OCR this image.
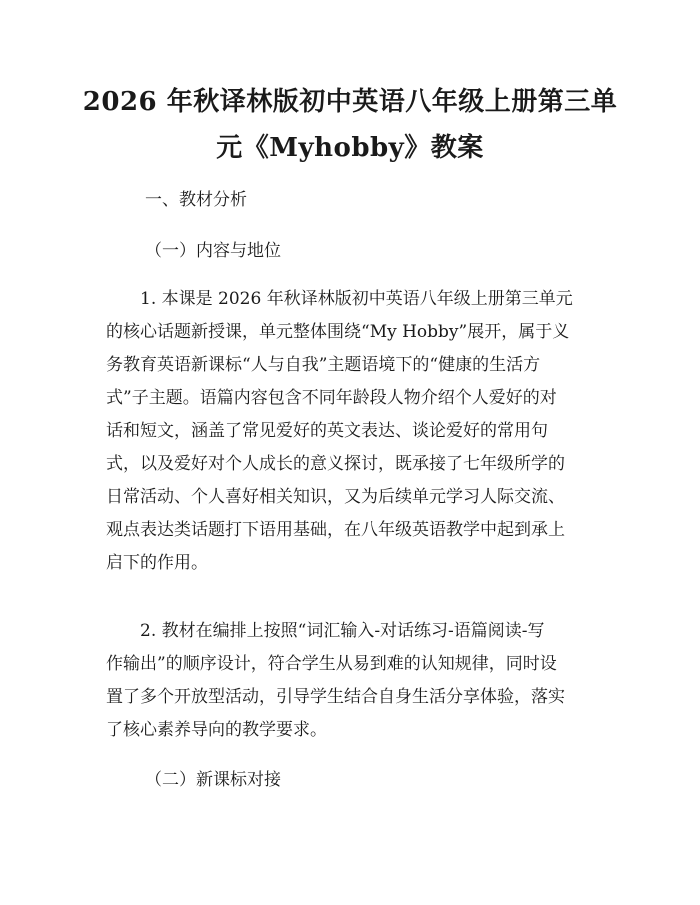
2026 年秋译林版初中英语八年级上册第三单
元《Myhobby》教案
一、教材分析
（一）内容与地位
1. 本课是 2026 年秋译林版初中英语八年级上册第三单元
的核心话题新授课，单元整体围绕“My Hobby”展开，属于义
务教育英语新课标“人与自我”主题语境下的“健康的生活方
式”子主题。语篇内容包含不同年龄段人物介绍个人爱好的对
话和短文，涵盖了常见爱好的英文表达、谈论爱好的常用句
式，以及爱好对个人成长的意义探讨，既承接了七年级所学的
日常活动、个人喜好相关知识，又为后续单元学习人际交流、
观点表达类话题打下语用基础，在八年级英语教学中起到承上
启下的作用。
2. 教材在编排上按照“词汇输入-对话练习-语篇阅读-写
作输出”的顺序设计，符合学生从易到难的认知规律，同时设
置了多个开放型活动，引导学生结合自身生活分享体验，落实
了核心素养导向的教学要求。
（二）新课标对接
